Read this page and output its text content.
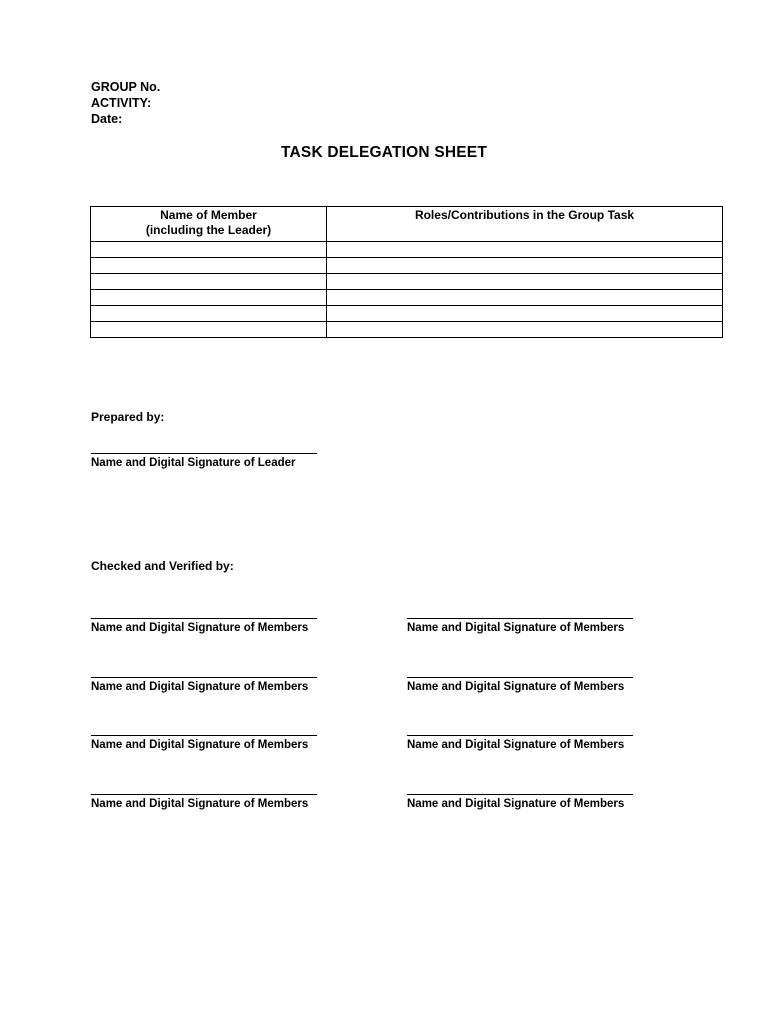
GROUP No.
ACTIVITY:
Date:
TASK DELEGATION SHEET
Name of Member
(including the Leader)	Roles/Contributions in the Group Task

Prepared by:
Name and Digital Signature of Leader
Checked and Verified by:
Name and Digital Signature of Members	Name and Digital Signature of Members
Name and Digital Signature of Members	Name and Digital Signature of Members
Name and Digital Signature of Members	Name and Digital Signature of Members
Name and Digital Signature of Members	Name and Digital Signature of Members
